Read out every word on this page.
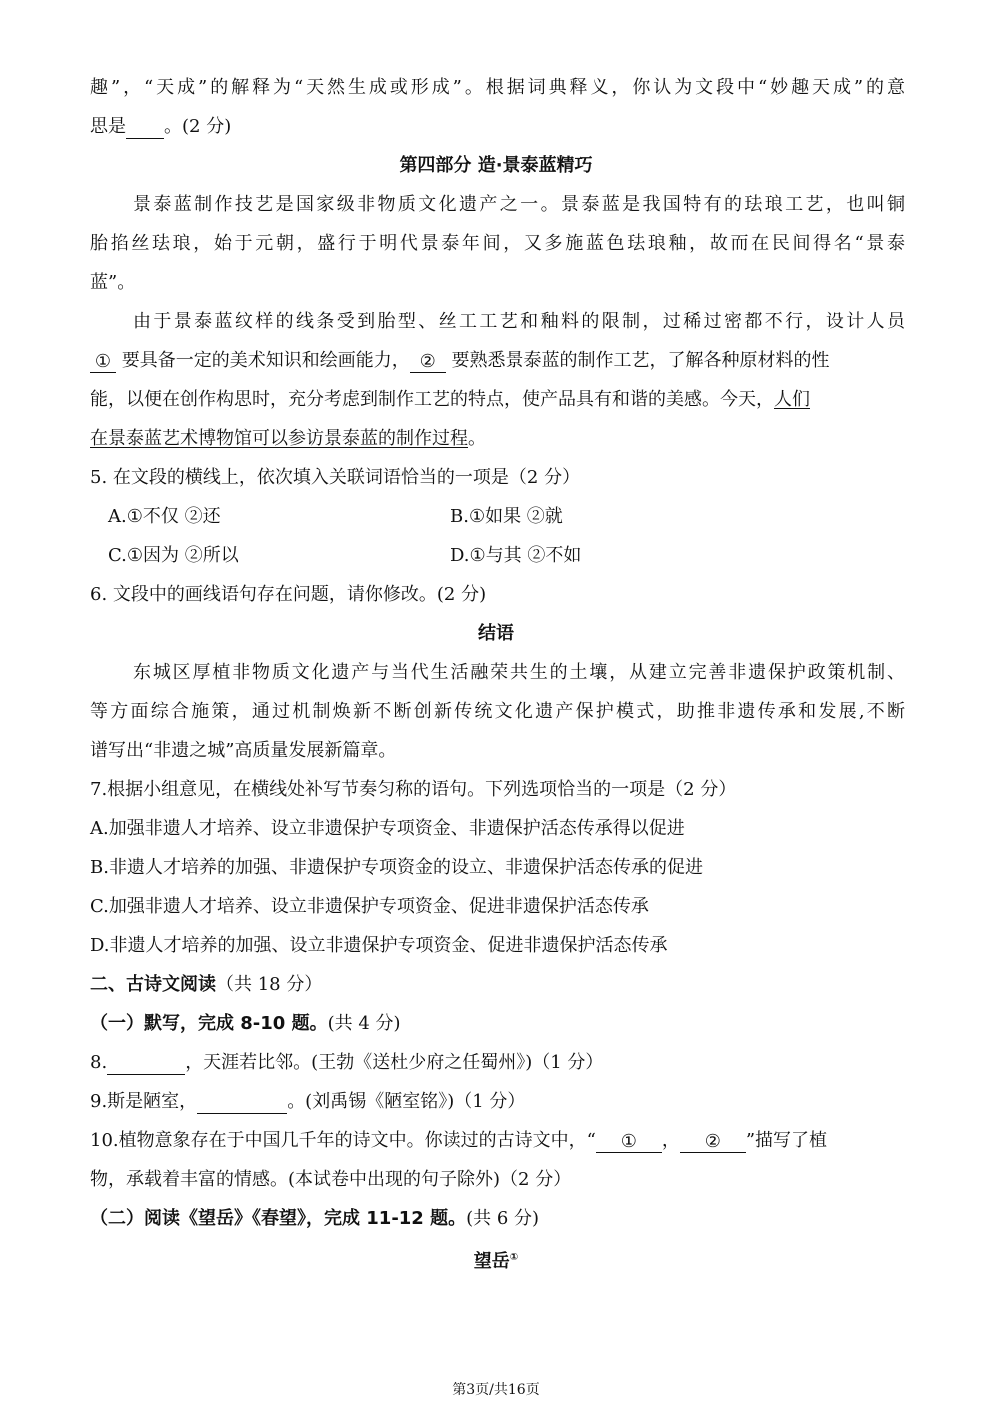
趣”，“天成”的解释为“天然生成或形成”。根据词典释义，你认为文段中“妙趣天成”的意
思是 。(2 分)
第四部分 造·景泰蓝精巧
景泰蓝制作技艺是国家级非物质文化遗产之一。景泰蓝是我国特有的珐琅工艺，也叫铜
胎掐丝珐琅，始于元朝，盛行于明代景泰年间，又多施蓝色珐琅釉，故而在民间得名“景泰
蓝”。
由于景泰蓝纹样的线条受到胎型、丝工工艺和釉料的限制，过稀过密都不行，设计人员
① 要具备一定的美术知识和绘画能力， ② 要熟悉景泰蓝的制作工艺，了解各种原材料的性
能，以便在创作构思时，充分考虑到制作工艺的特点，使产品具有和谐的美感。今天，人们
在景泰蓝艺术博物馆可以参访景泰蓝的制作过程。
5. 在文段的横线上，依次填入关联词语恰当的一项是（2 分）
A.①不仅 ②还	B.①如果 ②就
C.①因为 ②所以	D.①与其 ②不如
6. 文段中的画线语句存在问题，请你修改。(2 分)
结语
东城区厚植非物质文化遗产与当代生活融荣共生的土壤，从建立完善非遗保护政策机制、
等方面综合施策，通过机制焕新不断创新传统文化遗产保护模式，助推非遗传承和发展,不断
谱写出“非遗之城”高质量发展新篇章。
7.根据小组意见，在横线处补写节奏匀称的语句。下列选项恰当的一项是（2 分）
A.加强非遗人才培养、设立非遗保护专项资金、非遗保护活态传承得以促进
B.非遗人才培养的加强、非遗保护专项资金的设立、非遗保护活态传承的促进
C.加强非遗人才培养、设立非遗保护专项资金、促进非遗保护活态传承
D.非遗人才培养的加强、设立非遗保护专项资金、促进非遗保护活态传承
二、古诗文阅读（共 18 分）
（一）默写，完成 8-10 题。(共 4 分)
8.	，天涯若比邻。(王勃《送杜少府之任蜀州》)（1 分）
9.斯是陋室，	。(刘禹锡《陋室铭》)（1 分）
10.植物意象存在于中国几千年的诗文中。你读过的古诗文中，“ ① ， ② ”描写了植
物，承载着丰富的情感。(本试卷中出现的句子除外)（2 分）
（二）阅读《望岳》《春望》，完成 11-12 题。(共 6 分)
望岳①
第3页/共16页
